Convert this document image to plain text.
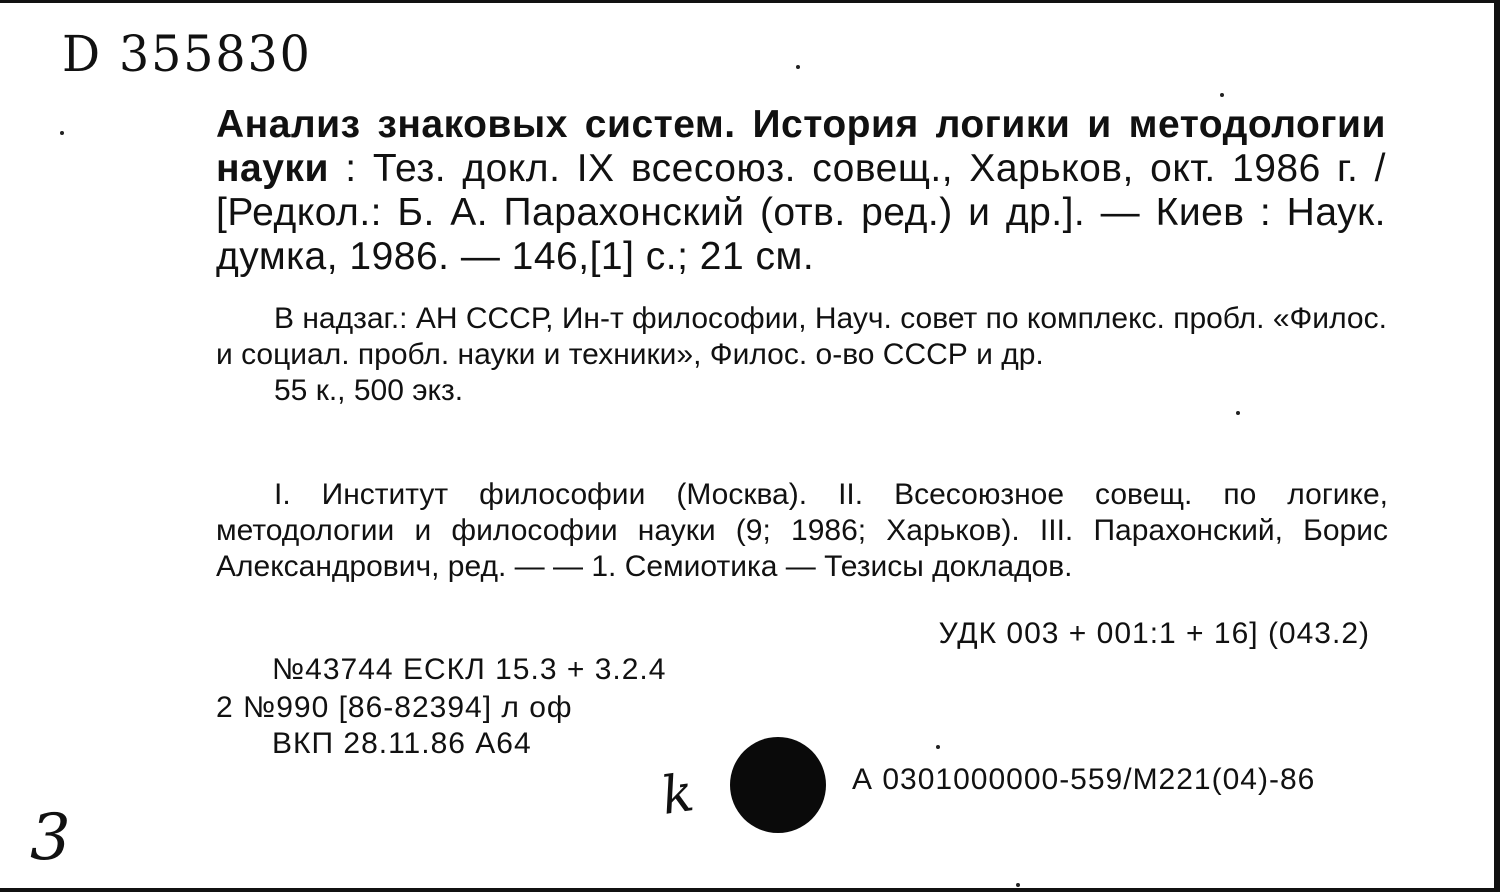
D 355830
Анализ знаковых систем. История логики и методологии науки : Тез. докл. IX всесоюз. совещ., Харьков, окт. 1986 г. / [Редкол.: Б. А. Парахонский (отв. ред.) и др.]. — Киев : Наук. думка, 1986. — 146,[1] с.; 21 см.

В надзаг.: АН СССР, Ин-т философии, Науч. совет по комплекс. пробл. «Филос. и социал. пробл. науки и техники», Филос. о-во СССР и др.

55 к., 500 экз.

I. Институт философии (Москва). II. Всесоюзное совещ. по логике, методологии и философии науки (9; 1986; Харьков). III. Парахонский, Борис Александрович, ред. — — 1. Семиотика — Тезисы докладов.

УДК 003 + 001:1 + 16] (043.2)
№43744 ЕСКЛ 15.3 + 3.2.4
2 №990 [86-82394] л оф
ВКП 28.11.86 А64
k	А 0301000000-559/М221(04)-86
3
